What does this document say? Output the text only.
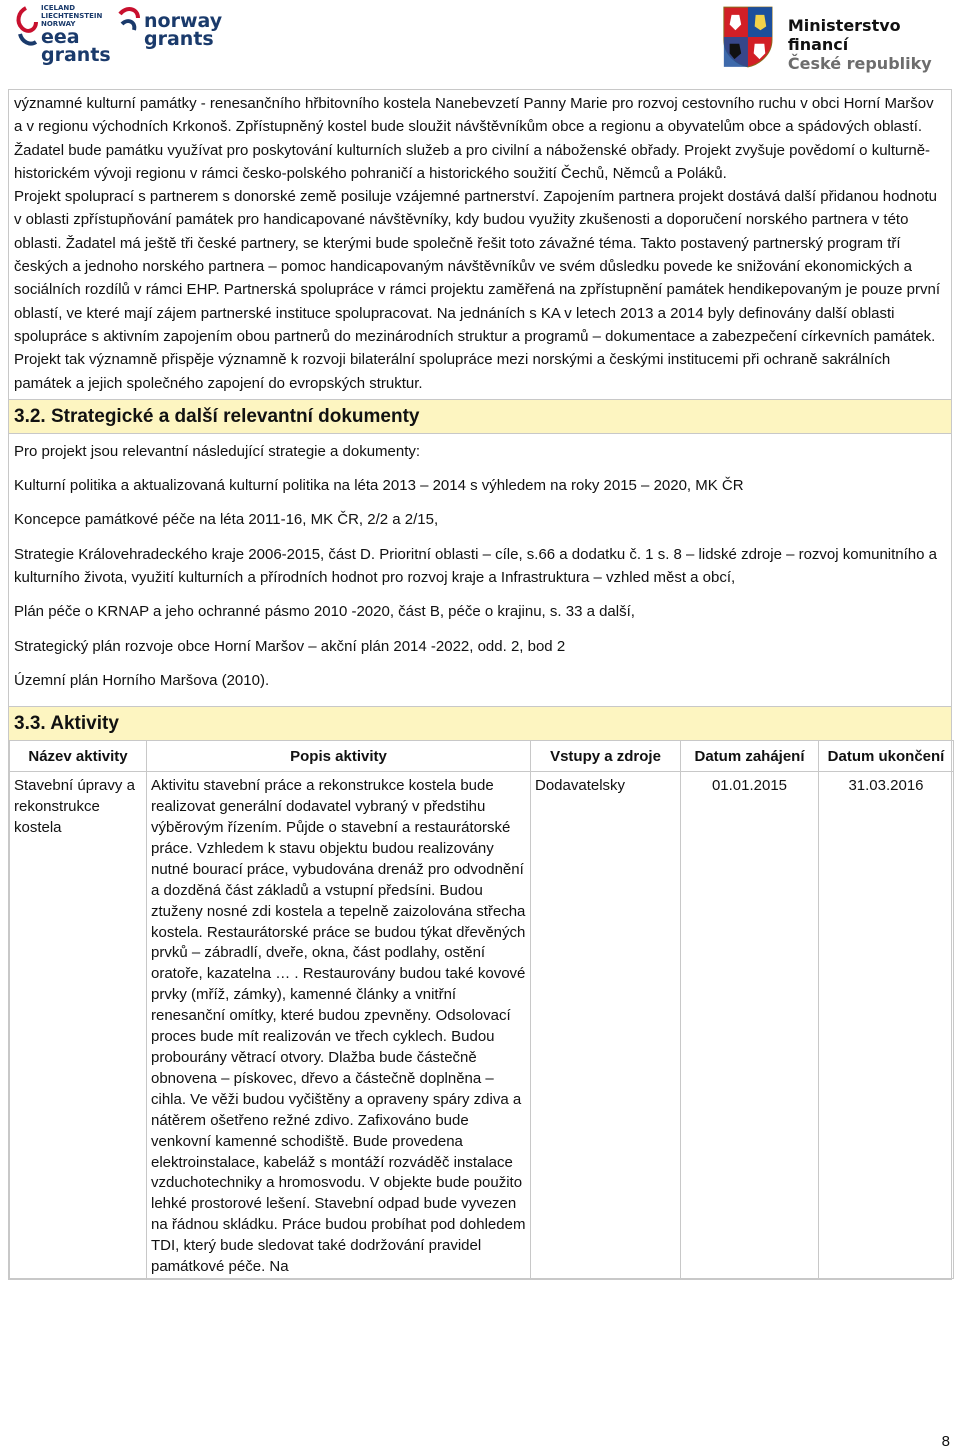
ICELAND
LIECHTENSTEIN
NORWAY
eea
grants
norway
grants
Ministerstvo financí
České republiky

významné kulturní památky - renesančního hřbitovního kostela Nanebevzetí Panny Marie pro rozvoj cestovního ruchu v obci Horní Maršov a v regionu východních Krkonoš. Zpřístupněný kostel bude sloužit návštěvníkům obce a regionu a obyvatelům obce a spádových oblastí. Žadatel bude památku využívat pro poskytování kulturních služeb a pro civilní a náboženské obřady. Projekt zvyšuje povědomí o kulturně-historickém vývoji regionu v rámci česko-polského pohraničí a historického soužití Čechů, Němců a Poláků.

Projekt spoluprací s partnerem s donorské země posiluje vzájemné partnerství. Zapojením partnera projekt dostává další přidanou hodnotu v oblasti zpřístupňování památek pro handicapované návštěvníky, kdy budou využity zkušenosti a doporučení norského partnera v této oblasti. Žadatel má ještě tři české partnery, se kterými bude společně řešit toto závažné téma. Takto postavený partnerský program tří českých a jednoho norského partnera – pomoc handicapovaným návštěvníkův ve svém důsledku povede ke snižování ekonomických a sociálních rozdílů v rámci EHP. Partnerská spolupráce v rámci projektu zaměřená na zpřístupnění památek hendikepovaným je pouze první oblastí, ve které mají zájem partnerské instituce spolupracovat. Na jednáních s KA v letech 2013 a 2014 byly definovány další oblasti spolupráce s aktivním zapojením obou partnerů do mezinárodních struktur a programů – dokumentace a zabezpečení církevních památek. Projekt tak významně přispěje významně k rozvoji bilaterální spolupráce mezi norskými a českými institucemi při ochraně sakrálních památek a jejich společného zapojení do evropských struktur.

3.2. Strategické a další relevantní dokumenty

Pro projekt jsou relevantní následující strategie a dokumenty:

Kulturní politika a aktualizovaná kulturní politika na léta 2013 – 2014 s výhledem na roky 2015 – 2020, MK ČR

Koncepce památkové péče na léta 2011-16, MK ČR, 2/2 a 2/15,

Strategie Královehradeckého kraje 2006-2015, část D. Prioritní oblasti – cíle, s.66 a dodatku č. 1 s. 8 – lidské zdroje – rozvoj komunitního a kulturního života, využití kulturních a přírodních hodnot pro rozvoj kraje a Infrastruktura – vzhled měst a obcí,

Plán péče o KRNAP a jeho ochranné pásmo 2010 -2020, část B, péče o krajinu, s. 33 a další,

Strategický plán rozvoje obce Horní Maršov – akční plán 2014 -2022, odd. 2, bod 2

Územní plán Horního Maršova (2010).

3.3. Aktivity
Název aktivity	Popis aktivity	Vstupy a zdroje	Datum zahájení	Datum ukončení
Stavební úpravy a rekonstrukce kostela	Aktivitu stavební práce a rekonstrukce kostela bude realizovat generální dodavatel vybraný v předstihu výběrovým řízením. Půjde o stavební a restaurátorské práce. Vzhledem k stavu objektu budou realizovány nutné bourací práce, vybudována drenáž pro odvodnění a dozděná část základů a vstupní předsíni. Budou ztuženy nosné zdi kostela a tepelně zaizolována střecha kostela. Restaurátorské práce se budou týkat dřevěných prvků – zábradlí, dveře, okna, část podlahy, ostění oratoře, kazatelna … . Restaurovány budou také kovové prvky (mříž, zámky), kamenné články a vnitřní renesanční omítky, které budou zpevněny. Odsolovací proces bude mít realizován ve třech cyklech. Budou probourány větrací otvory. Dlažba bude částečně obnovena – pískovec, dřevo a částečně doplněna – cihla. Ve věži budou vyčištěny a opraveny spáry zdiva a nátěrem ošetřeno režné zdivo. Zafixováno bude venkovní kamenné schodiště. Bude provedena elektroinstalace, kabeláž s montáží rozváděč instalace vzduchotechniky a hromosvodu. V objekte bude použito lehké prostorové lešení. Stavební odpad bude vyvezen na řádnou skládku. Práce budou probíhat pod dohledem TDI, který bude sledovat také dodržování pravidel památkové péče. Na	Dodavatelsky	01.01.2015	31.03.2016
8
